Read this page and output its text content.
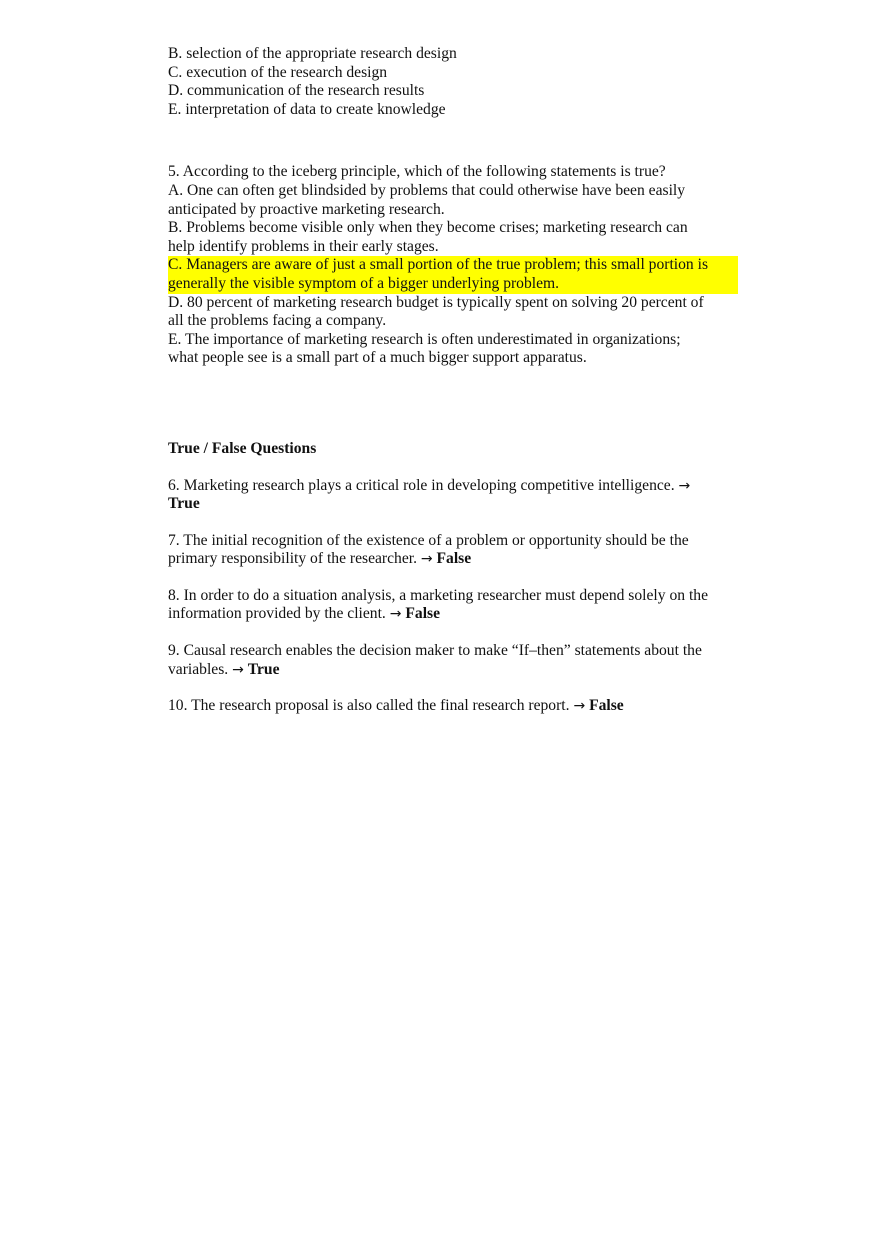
B. selection of the appropriate research design
C. execution of the research design
D. communication of the research results
E. interpretation of data to create knowledge
5. According to the iceberg principle, which of the following statements is true?
A. One can often get blindsided by problems that could otherwise have been easily
anticipated by proactive marketing research.
B. Problems become visible only when they become crises; marketing research can
help identify problems in their early stages.
C. Managers are aware of just a small portion of the true problem; this small portion is
generally the visible symptom of a bigger underlying problem.
D. 80 percent of marketing research budget is typically spent on solving 20 percent of
all the problems facing a company.
E. The importance of marketing research is often underestimated in organizations;
what people see is a small part of a much bigger support apparatus.
True / False Questions
6. Marketing research plays a critical role in developing competitive intelligence. →
True
7. The initial recognition of the existence of a problem or opportunity should be the
primary responsibility of the researcher. → False
8. In order to do a situation analysis, a marketing researcher must depend solely on the
information provided by the client. → False
9. Causal research enables the decision maker to make “If–then” statements about the
variables. → True
10. The research proposal is also called the final research report. → False
